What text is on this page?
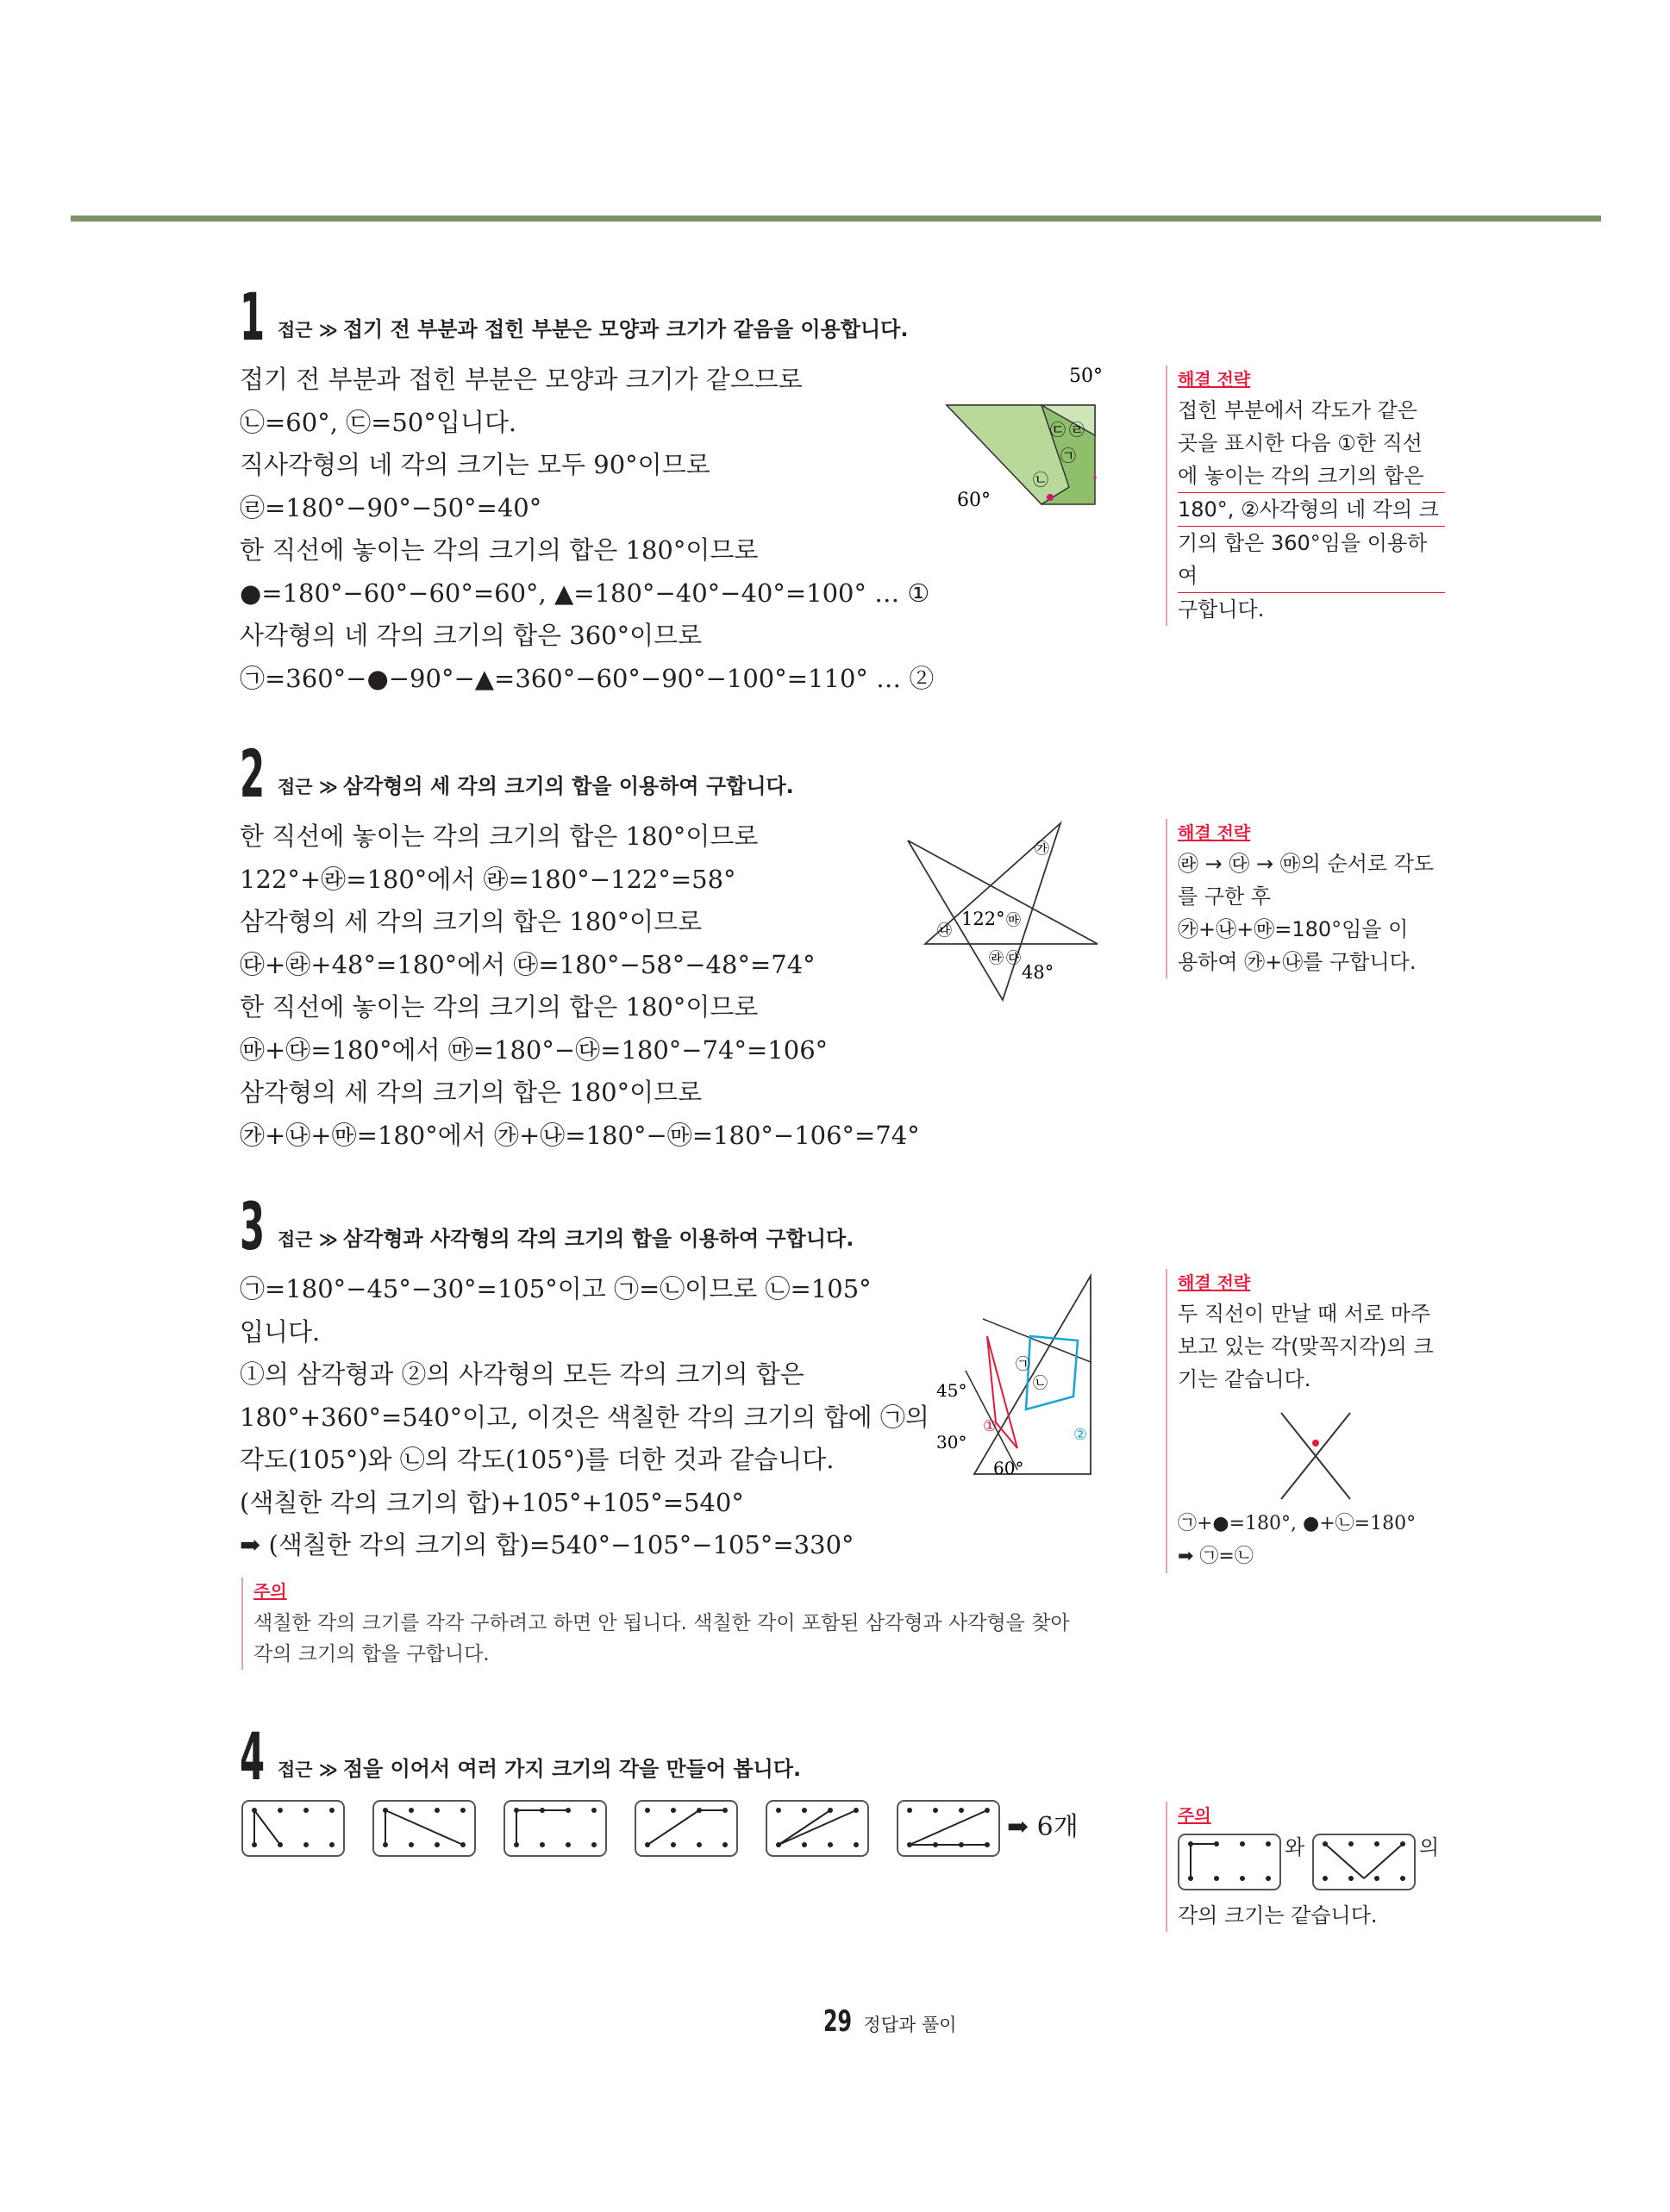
1 접근 ≫ 접기 전 부분과 접힌 부분은 모양과 크기가 같음을 이용합니다.
접기 전 부분과 접힌 부분은 모양과 크기가 같으므로
㉡=60°, ㉢=50°입니다.
직사각형의 네 각의 크기는 모두 90°이므로
㉣=180°−90°−50°=40°
한 직선에 놓이는 각의 크기의 합은 180°이므로
●=180°−60°−60°=60°, ▲=180°−40°−40°=100° … ①
사각형의 네 각의 크기의 합은 360°이므로
㉠=360°−●−90°−▲=360°−60°−90°−100°=110° … ②
50°
60°
㉡
㉢ ㉣
㉠
해결 전략
접힌 부분에서 각도가 같은
곳을 표시한 다음 ①한 직선
에 놓이는 각의 크기의 합은
180°, ②사각형의 네 각의 크
기의 합은 360°임을 이용하여
구합니다.
2 접근 ≫ 삼각형의 세 각의 크기의 합을 이용하여 구합니다.
한 직선에 놓이는 각의 크기의 합은 180°이므로
122°+㉱=180°에서 ㉱=180°−122°=58°
삼각형의 세 각의 크기의 합은 180°이므로
㉰+㉱+48°=180°에서 ㉰=180°−58°−48°=74°
한 직선에 놓이는 각의 크기의 합은 180°이므로
㉲+㉰=180°에서 ㉲=180°−㉰=180°−74°=106°
삼각형의 세 각의 크기의 합은 180°이므로
㉮+㉯+㉲=180°에서 ㉮+㉯=180°−㉲=180°−106°=74°
122°
48°
㉮
㉯
㉱ ㉰
㉲
해결 전략
㉱ → ㉰ → ㉲의 순서로 각도
를 구한 후
㉮+㉯+㉲=180°임을 이
용하여 ㉮+㉯를 구합니다.
3 접근 ≫ 삼각형과 사각형의 각의 크기의 합을 이용하여 구합니다.
㉠=180°−45°−30°=105°이고 ㉠=㉡이므로 ㉡=105°
입니다.
①의 삼각형과 ②의 사각형의 모든 각의 크기의 합은
180°+360°=540°이고, 이것은 색칠한 각의 크기의 합에 ㉠의
각도(105°)와 ㉡의 각도(105°)를 더한 것과 같습니다.
(색칠한 각의 크기의 합)+105°+105°=540°
➡ (색칠한 각의 크기의 합)=540°−105°−105°=330°
45°
30°
60°
㉠
㉡
①	②
해결 전략
두 직선이 만날 때 서로 마주
보고 있는 각(맞꼭지각)의 크
기는 같습니다.
㉠+●=180°, ●+㉡=180°
➡ ㉠=㉡
주의
색칠한 각의 크기를 각각 구하려고 하면 안 됩니다. 색칠한 각이 포함된 삼각형과 사각형을 찾아
각의 크기의 합을 구합니다.
4 접근 ≫ 점을 이어서 여러 가지 크기의 각을 만들어 봅니다.
➡ 6개	주의
와	의
각의 크기는 같습니다.
29 정답과 풀이
